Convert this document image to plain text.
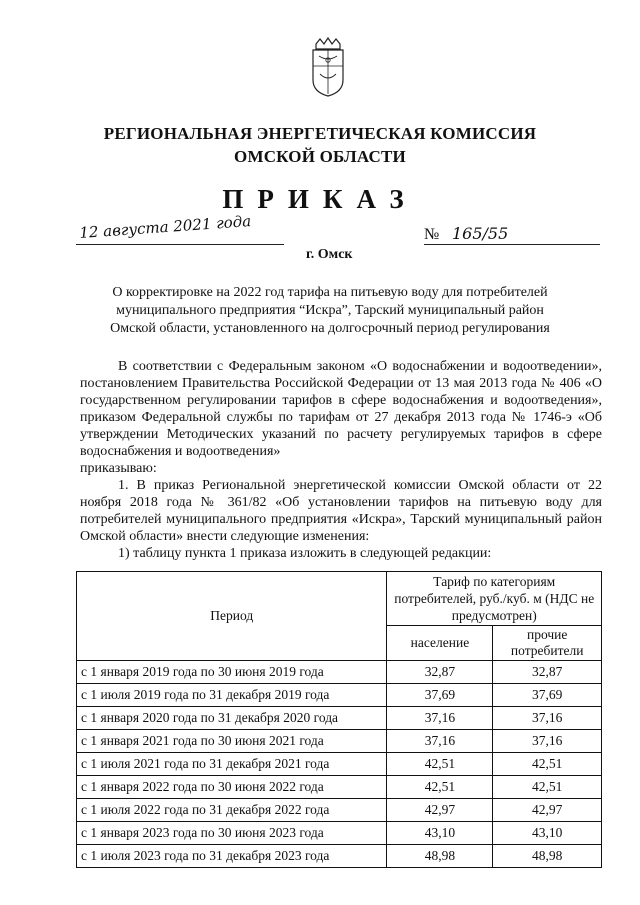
РЕГИОНАЛЬНАЯ ЭНЕРГЕТИЧЕСКАЯ КОМИССИЯ
ОМСКОЙ ОБЛАСТИ
ПРИКАЗ
12 августа 2021 года
г. Омск
№ 165/55
О корректировке на 2022 год тарифа на питьевую воду для потребителей
муниципального предприятия “Искра”, Тарский муниципальный район
Омской области, установленного на долгосрочный период регулирования

В соответствии с Федеральным законом «О водоснабжении и водоотведении», постановлением Правительства Российской Федерации от 13 мая 2013 года № 406 «О государственном регулировании тарифов в сфере водоснабжения и водоотведения», приказом Федеральной службы по тарифам от 27 декабря 2013 года № 1746-э «Об утверждении Методических указаний по расчету регулируемых тарифов в сфере водоснабжения и водоотведения»
приказываю:

1. В приказ Региональной энергетической комиссии Омской области от 22 ноября 2018 года № 361/82 «Об установлении тарифов на питьевую воду для потребителей муниципального предприятия «Искра», Тарский муниципальный район Омской области» внести следующие изменения:

1) таблицу пункта 1 приказа изложить в следующей редакции:

Период	Тариф по категориям потребителей, руб./куб. м (НДС не предусмотрен)	
	население	прочие потребители
с 1 января 2019 года по 30 июня 2019 года	32,87	32,87
с 1 июля 2019 года по 31 декабря 2019 года	37,69	37,69
с 1 января 2020 года по 31 декабря 2020 года	37,16	37,16
с 1 января 2021 года по 30 июня 2021 года	37,16	37,16
с 1 июля 2021 года по 31 декабря 2021 года	42,51	42,51
с 1 января 2022 года по 30 июня 2022 года	42,51	42,51
с 1 июля 2022 года по 31 декабря 2022 года	42,97	42,97
с 1 января 2023 года по 30 июня 2023 года	43,10	43,10
с 1 июля 2023 года по 31 декабря 2023 года	48,98	48,98
